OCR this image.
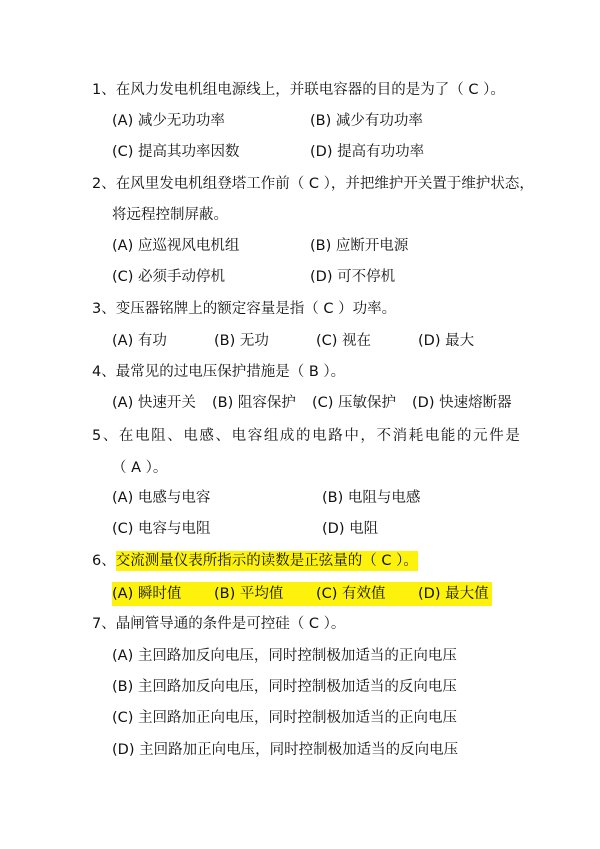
1、在风力发电机组电源线上，并联电容器的目的是为了（ C ）。
(A) 减少无功功率	(B) 减少有功功率
(C) 提高其功率因数	(D) 提高有功功率
2、在风里发电机组登塔工作前（ C ），并把维护开关置于维护状态，
将远程控制屏蔽。
(A) 应巡视风电机组	(B) 应断开电源
(C) 必须手动停机	(D) 可不停机
3、变压器铭牌上的额定容量是指（ C ）功率。
(A) 有功	(B) 无功	(C) 视在	(D) 最大
4、最常见的过电压保护措施是（ B ）。
(A) 快速开关 (B) 阻容保护 (C) 压敏保护 (D) 快速熔断器
5、在电阻、电感、电容组成的电路中，不消耗电能的元件是
（ A ）。
(A) 电感与电容	(B) 电阻与电感
(C) 电容与电阻	(D) 电阻
6、交流测量仪表所指示的读数是正弦量的（ C ）。
(A) 瞬时值 (B) 平均值 (C) 有效值 (D) 最大值
7、晶闸管导通的条件是可控硅（ C ）。
(A) 主回路加反向电压，同时控制极加适当的正向电压
(B) 主回路加反向电压，同时控制极加适当的反向电压
(C) 主回路加正向电压，同时控制极加适当的正向电压
(D) 主回路加正向电压，同时控制极加适当的反向电压
